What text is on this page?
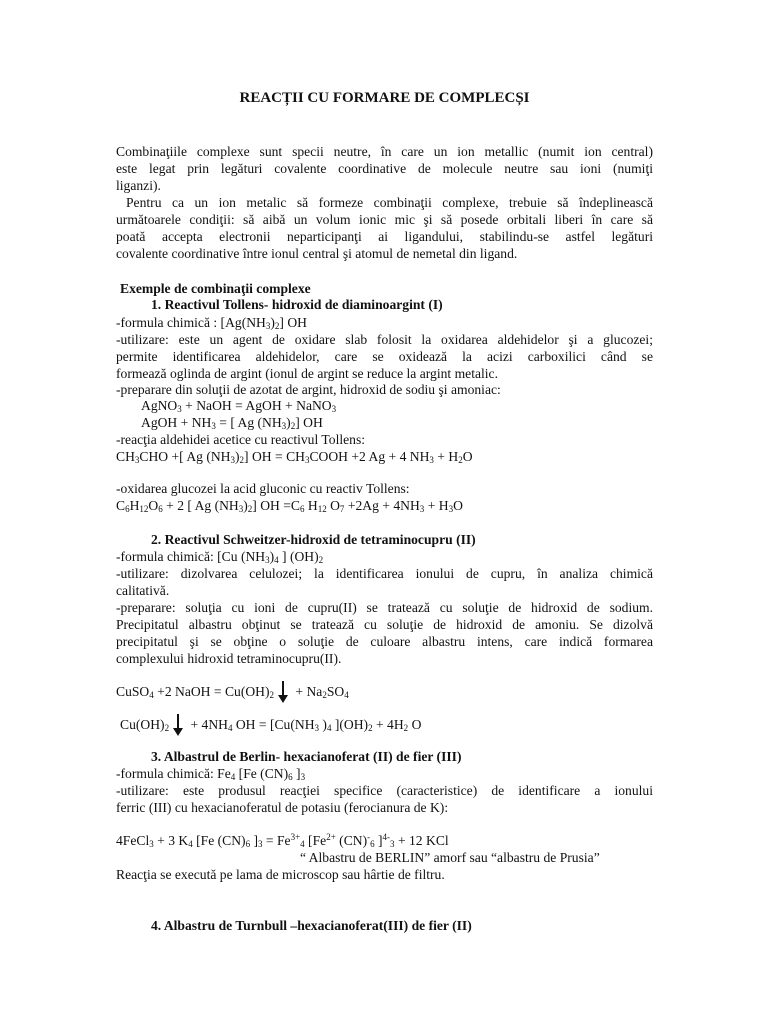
REACȚII CU FORMARE DE COMPLECȘI
Combinaţiile complexe sunt specii neutre, în care un ion metallic (numit ion central)
este legat prin legături covalente coordinative de molecule neutre sau ioni (numiţi
liganzi).
Pentru ca un ion metalic să formeze combinaţii complexe, trebuie să îndeplinească
următoarele condiţii: să aibă un volum ionic mic şi să posede orbitali liberi în care să
poată accepta electronii neparticipanţi ai ligandului, stabilindu-se astfel legături
covalente coordinative între ionul central şi atomul de nemetal din ligand.
Exemple de combinaţii complexe
1. Reactivul Tollens- hidroxid de diaminoargint (I)
-formula chimică : $[Ag(NH_3)_2]$ OH
-utilizare: este un agent de oxidare slab folosit la oxidarea aldehidelor şi a glucozei;
permite identificarea aldehidelor, care se oxidează la acizi carboxilici când se
formează oglinda de argint (ionul de argint se reduce la argint metalic.
-preparare din soluţii de azotat de argint, hidroxid de sodiu şi amoniac:
AgNO$_3$ + NaOH = AgOH + NaNO$_3$
AgOH + $NH_3$ = [ Ag $(NH_3)_2$] OH
-reacţia aldehidei acetice cu reactivul Tollens:
$CH_3CHO$ +[ Ag $(NH_3)_2$] OH = $CH_3COOH +2$ Ag + 4 $NH_3 + H_2O$
-oxidarea glucozei la acid gluconic cu reactiv Tollens:
$C_6H_{12}O_6 + 2$ [ Ag $(NH_3)_2$] OH $=C_6$ $H_{12}$ $O_7 +2Ag + 4NH_3 + H_3O$
2. Reactivul Schweitzer-hidroxid de tetraminocupru (II)
-formula chimică: [Cu $(NH_3)_4$ ] $(OH)_2$
-utilizare: dizolvarea celulozei; la identificarea ionului de cupru, în analiza chimică
calitativă.
-preparare: soluţia cu ioni de cupru(II) se tratează cu soluţie de hidroxid de sodium.
Precipitatul albastru obţinut se tratează cu soluţie de hidroxid de amoniu. Se dizolvă
precipitatul şi se obţine o soluţie de culoare albastru intens, care indică formarea
complexului hidroxid tetraminocupru(II).
CuSO$_4$ +2 NaOH = $Cu(OH)_2 + Na_2SO_4$
$Cu(OH)_2 + 4NH_4$ OH = [$Cu(NH_3$ )$_4$ ]$(OH)_2 + 4H_2$ O
3. Albastrul de Berlin- hexacianoferat (II) de fier (III)
-formula chimică: $Fe_4$ [Fe $(CN)_6$ ]$_3$
-utilizare: este produsul reacţiei specifice (caracteristice) de identificare a ionului
ferric (III) cu hexacianoferatul de potasiu (ferocianura de K):
4FeCl$_3$ + 3 $K_4$ [Fe $(CN)_6$ ]$_3 = Fe^{3+}_4$ [$Fe^{2+}$ $(CN)^-_6$ ]$^{4-}_3$ + 12 KCl
“ Albastru de BERLIN” amorf sau “albastru de Prusia”
Reacţia se execută pe lama de microscop sau hârtie de filtru.
4. Albastru de Turnbull –hexacianoferat(III) de fier (II)
